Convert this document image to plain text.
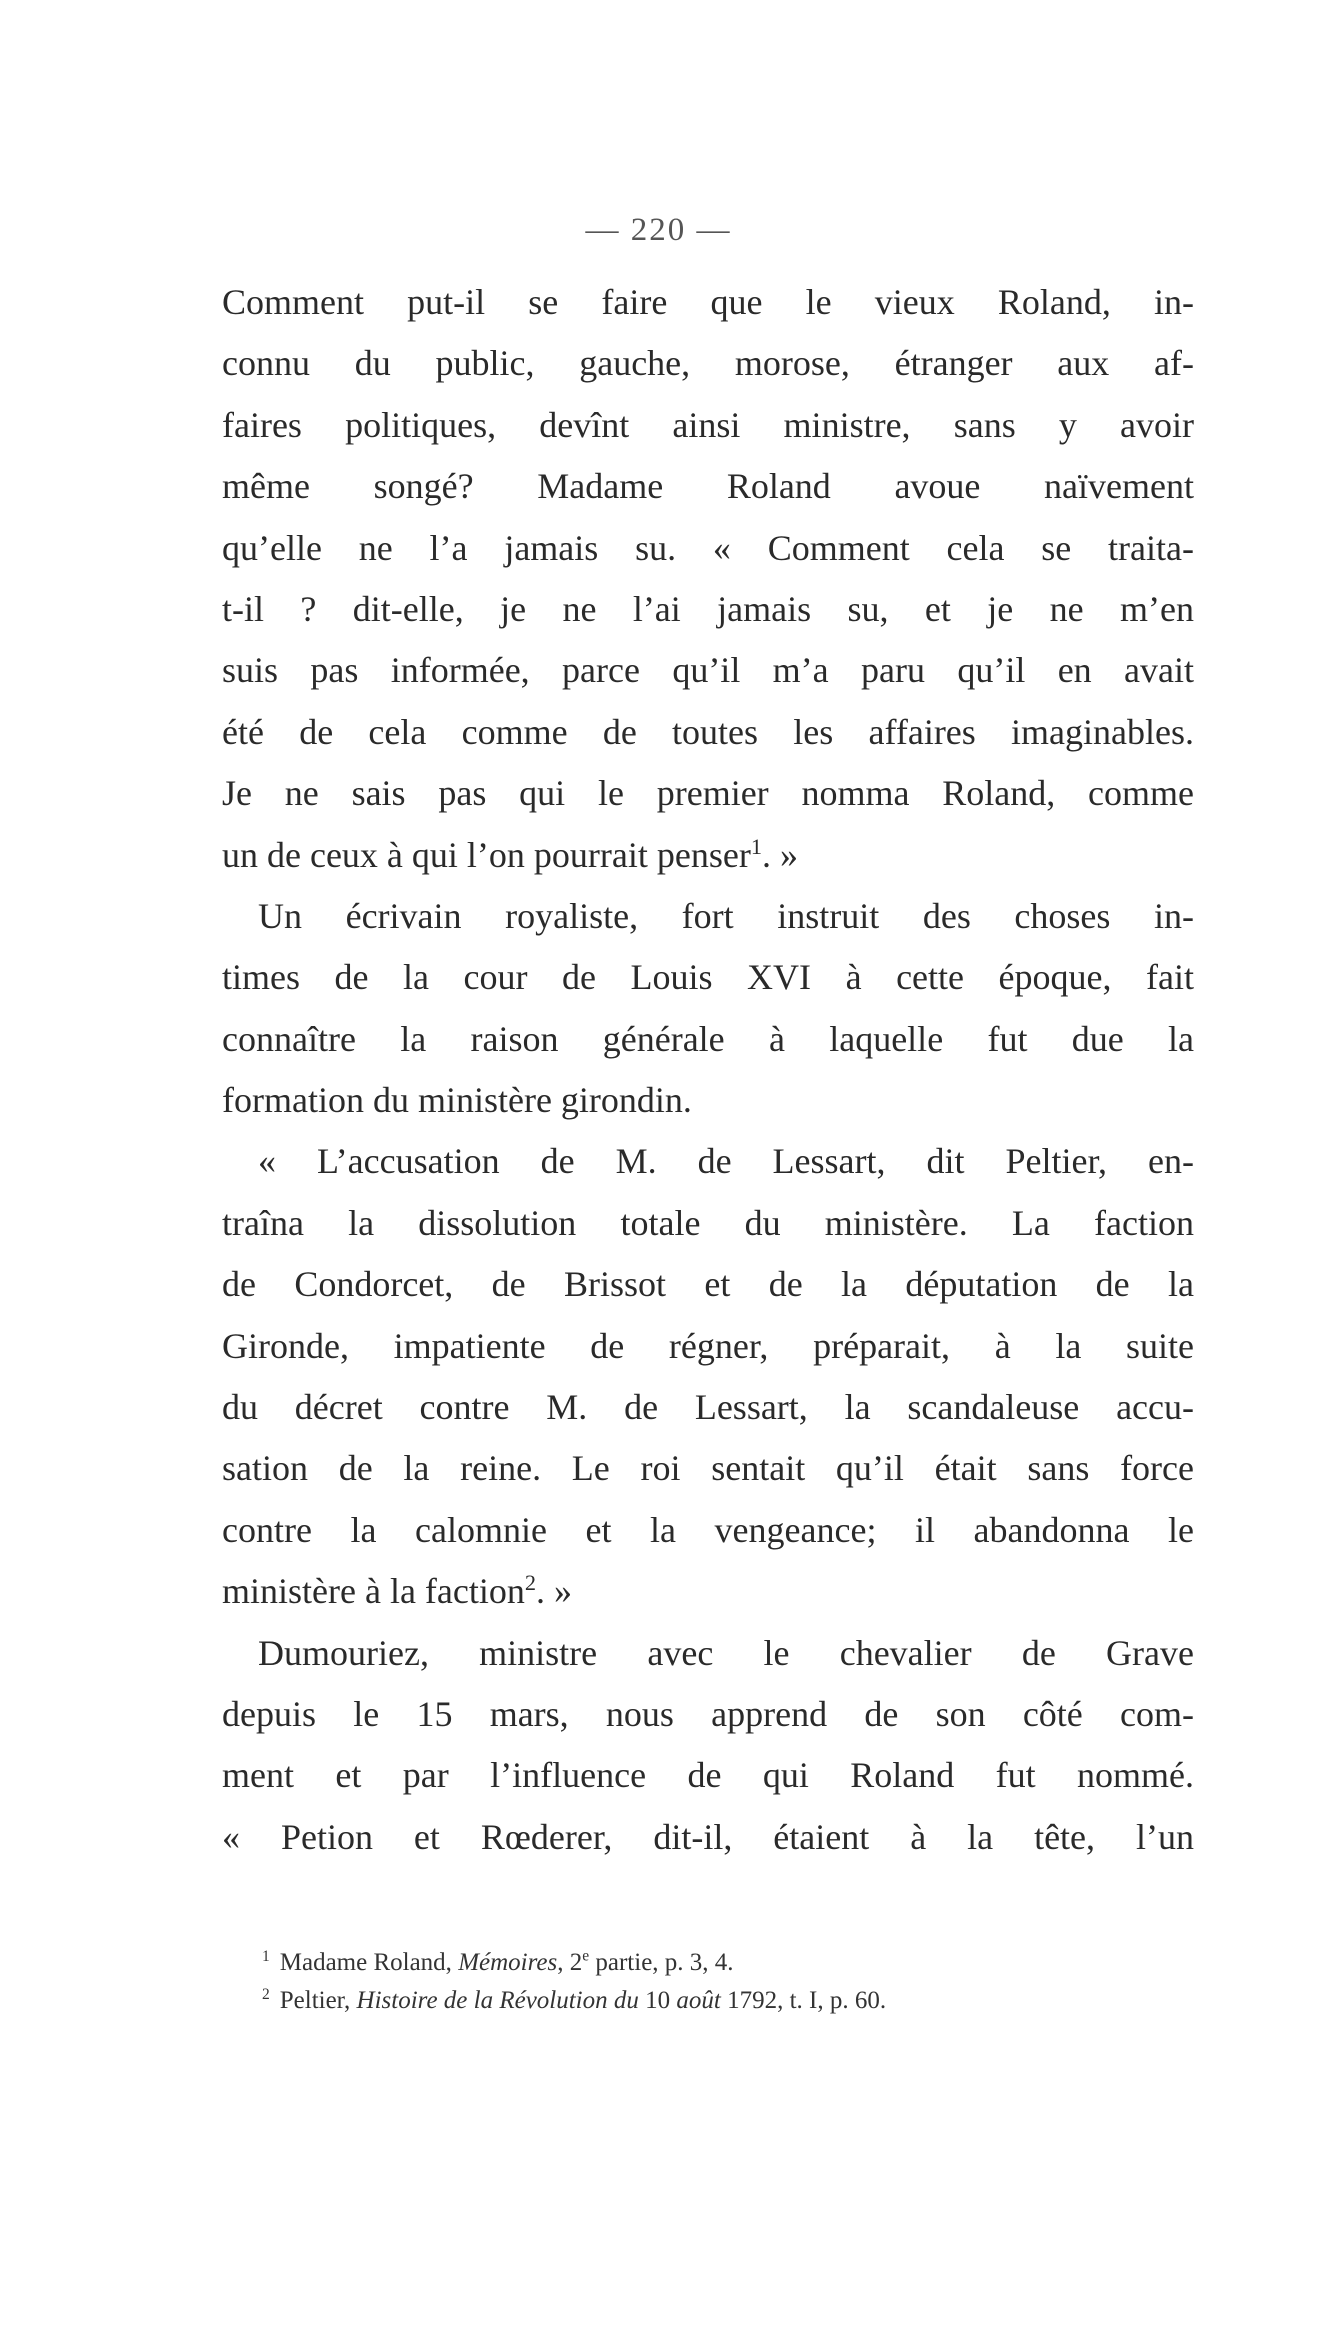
— 220 —
Comment put-il se faire que le vieux Roland, in-
connu du public, gauche, morose, étranger aux af-
faires politiques, devînt ainsi ministre, sans y avoir
même songé? Madame Roland avoue naïvement
qu’elle ne l’a jamais su. « Comment cela se traita-
t-il ? dit-elle, je ne l’ai jamais su, et je ne m’en
suis pas informée, parce qu’il m’a paru qu’il en avait
été de cela comme de toutes les affaires imaginables.
Je ne sais pas qui le premier nomma Roland, comme
un de ceux à qui l’on pourrait penser$^1$. »
Un écrivain royaliste, fort instruit des choses in-
times de la cour de Louis XVI à cette époque, fait
connaître la raison générale à laquelle fut due la
formation du ministère girondin.
« L’accusation de M. de Lessart, dit Peltier, en-
traîna la dissolution totale du ministère. La faction
de Condorcet, de Brissot et de la députation de la
Gironde, impatiente de régner, préparait, à la suite
du décret contre M. de Lessart, la scandaleuse accu-
sation de la reine. Le roi sentait qu’il était sans force
contre la calomnie et la vengeance; il abandonna le
ministère à la faction$^2$. »
Dumouriez, ministre avec le chevalier de Grave
depuis le 15 mars, nous apprend de son côté com-
ment et par l’influence de qui Roland fut nommé.
« Petion et Rœderer, dit-il, étaient à la tête, l’un
$^1$ Madame Roland, Mémoires, 2e partie, p. 3, 4.
$^2$ Peltier, Histoire de la Révolution du 10 août 1792, t. I, p. 60.
